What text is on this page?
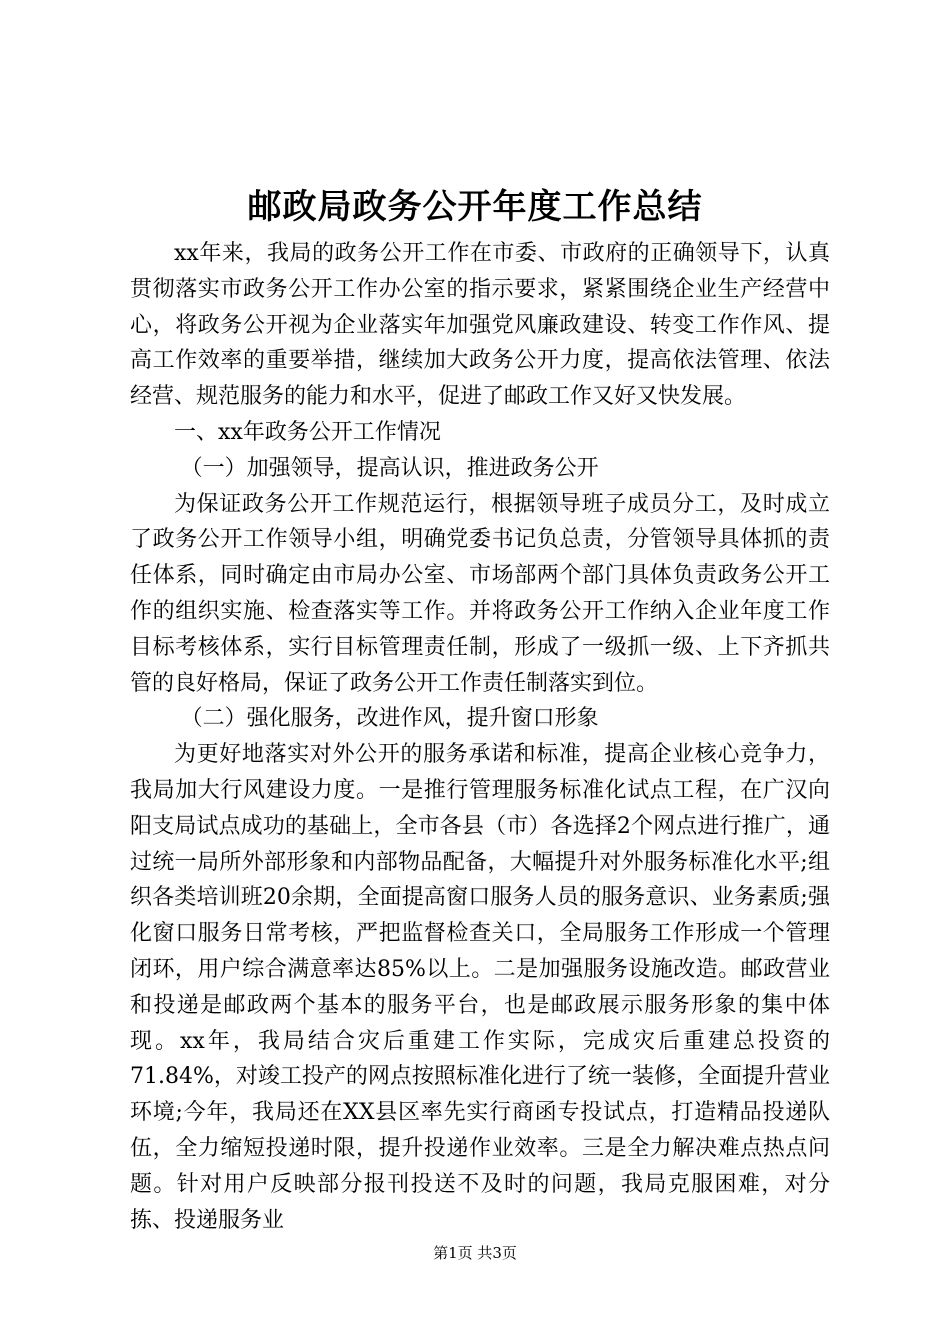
邮政局政务公开年度工作总结

xx年来，我局的政务公开工作在市委、市政府的正确领导下，认真贯彻落实市政务公开工作办公室的指示要求，紧紧围绕企业生产经营中心，将政务公开视为企业落实年加强党风廉政建设、转变工作作风、提高工作效率的重要举措，继续加大政务公开力度，提高依法管理、依法经营、规范服务的能力和水平，促进了邮政工作又好又快发展。

一、xx年政务公开工作情况

（一）加强领导，提高认识，推进政务公开

为保证政务公开工作规范运行，根据领导班子成员分工，及时成立了政务公开工作领导小组，明确党委书记负总责，分管领导具体抓的责任体系，同时确定由市局办公室、市场部两个部门具体负责政务公开工作的组织实施、检查落实等工作。并将政务公开工作纳入企业年度工作目标考核体系，实行目标管理责任制，形成了一级抓一级、上下齐抓共管的良好格局，保证了政务公开工作责任制落实到位。

（二）强化服务，改进作风，提升窗口形象

为更好地落实对外公开的服务承诺和标准，提高企业核心竞争力，我局加大行风建设力度。一是推行管理服务标准化试点工程，在广汉向阳支局试点成功的基础上，全市各县（市）各选择2个网点进行推广，通过统一局所外部形象和内部物品配备，大幅提升对外服务标准化水平;组织各类培训班20余期，全面提高窗口服务人员的服务意识、业务素质;强化窗口服务日常考核，严把监督检查关口，全局服务工作形成一个管理闭环，用户综合满意率达85%以上。二是加强服务设施改造。邮政营业和投递是邮政两个基本的服务平台，也是邮政展示服务形象的集中体现。xx年，我局结合灾后重建工作实际，完成灾后重建总投资的71.84%，对竣工投产的网点按照标准化进行了统一装修，全面提升营业环境;今年，我局还在XX县区率先实行商函专投试点，打造精品投递队伍，全力缩短投递时限，提升投递作业效率。三是全力解决难点热点问题。针对用户反映部分报刊投送不及时的问题，我局克服困难，对分拣、投递服务业

第1页 共3页
